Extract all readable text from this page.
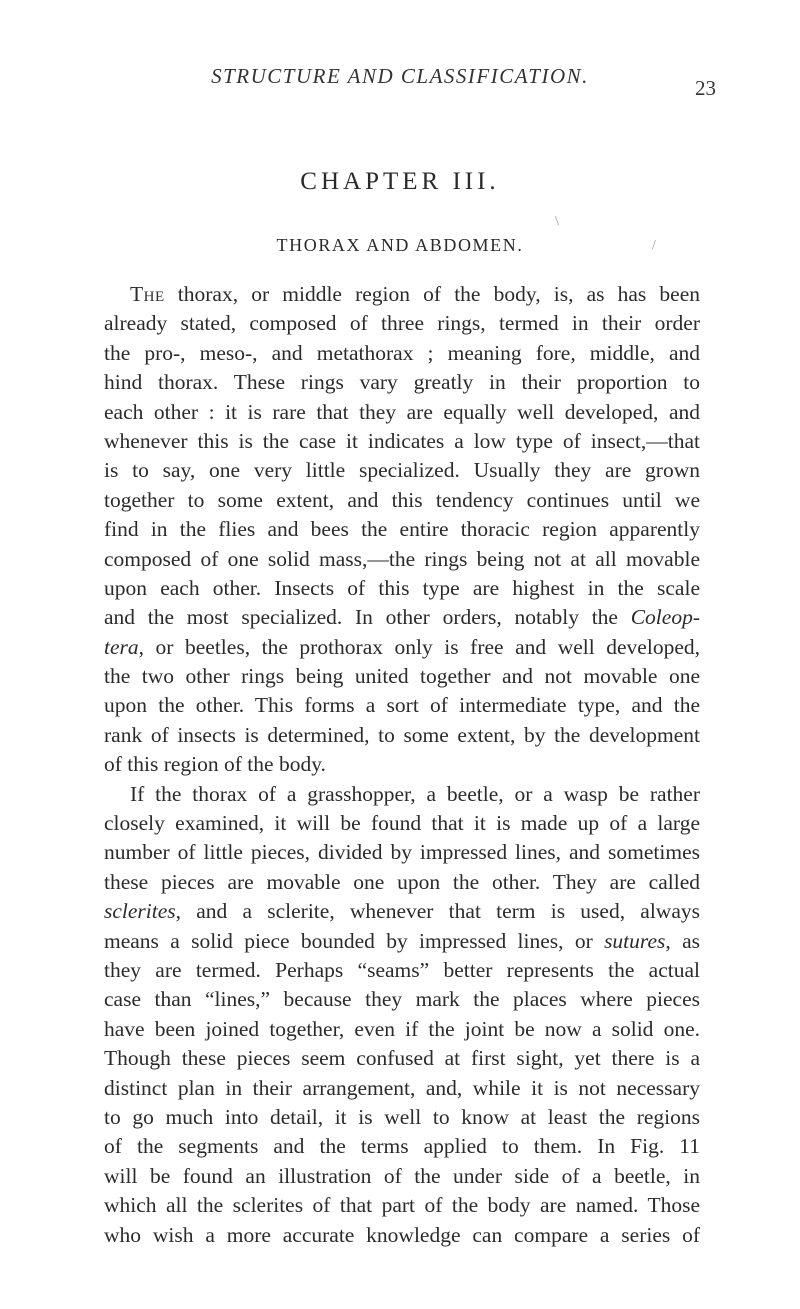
STRUCTURE AND CLASSIFICATION.	23
/
\
CHAPTER III.
THORAX AND ABDOMEN.
The thorax, or middle region of the body, is, as has been
already stated, composed of three rings, termed in their order
the pro-, meso-, and metathorax ; meaning fore, middle, and
hind thorax. These rings vary greatly in their proportion to
each other : it is rare that they are equally well developed, and
whenever this is the case it indicates a low type of insect,—that
is to say, one very little specialized. Usually they are grown
together to some extent, and this tendency continues until we
find in the flies and bees the entire thoracic region apparently
composed of one solid mass,—the rings being not at all movable
upon each other. Insects of this type are highest in the scale
and the most specialized. In other orders, notably the Coleop-
tera, or beetles, the prothorax only is free and well developed,
the two other rings being united together and not movable one
upon the other. This forms a sort of intermediate type, and the
rank of insects is determined, to some extent, by the development
of this region of the body.
If the thorax of a grasshopper, a beetle, or a wasp be rather
closely examined, it will be found that it is made up of a large
number of little pieces, divided by impressed lines, and sometimes
these pieces are movable one upon the other. They are called
sclerites, and a sclerite, whenever that term is used, always
means a solid piece bounded by impressed lines, or sutures, as
they are termed. Perhaps “seams” better represents the actual
case than “lines,” because they mark the places where pieces
have been joined together, even if the joint be now a solid one.
Though these pieces seem confused at first sight, yet there is a
distinct plan in their arrangement, and, while it is not necessary
to go much into detail, it is well to know at least the regions
of the segments and the terms applied to them. In Fig. 11
will be found an illustration of the under side of a beetle, in
which all the sclerites of that part of the body are named. Those
who wish a more accurate knowledge can compare a series of
